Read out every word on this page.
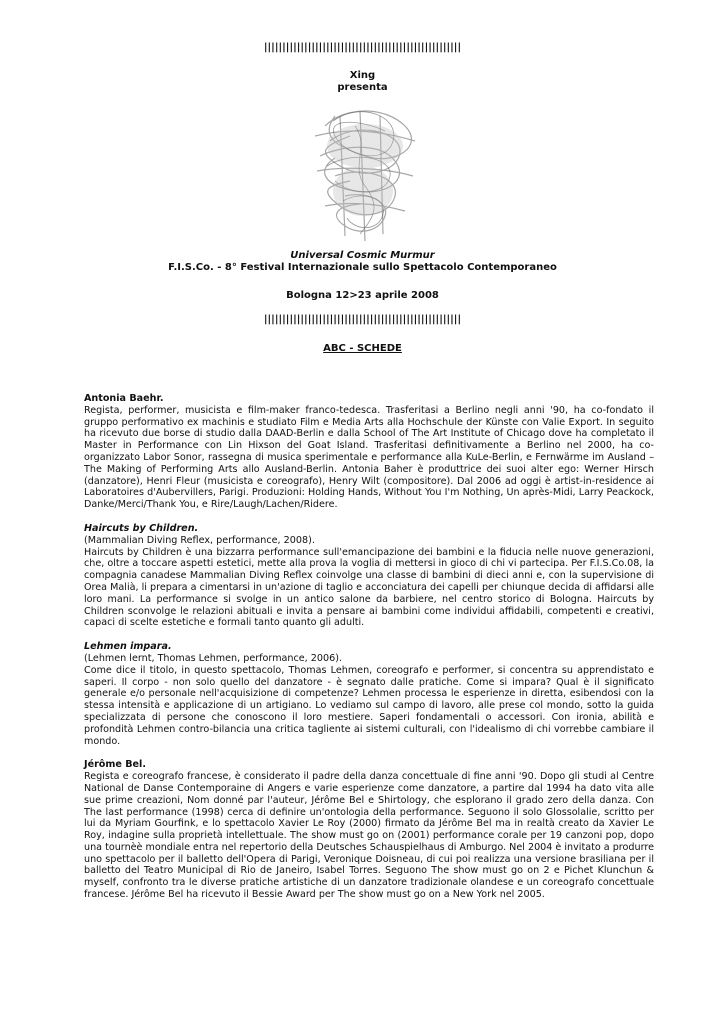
||||||||||||||||||||||||||||||||||||||||||||||||||||||
Xing
presenta
Universal Cosmic Murmur
F.I.S.Co. - 8° Festival Internazionale sullo Spettacolo Contemporaneo
Bologna 12>23 aprile 2008
||||||||||||||||||||||||||||||||||||||||||||||||||||||
ABC - SCHEDE

Antonia Baehr.

Regista, performer, musicista e film-maker franco-tedesca. Trasferitasi a Berlino negli anni '90, ha co-fondato il gruppo performativo ex machinis e studiato Film e Media Arts alla Hochschule der Künste con Valie Export. In seguito ha ricevuto due borse di studio dalla DAAD-Berlin e dalla School of The Art Institute of Chicago dove ha completato il Master in Performance con Lin Hixson del Goat Island. Trasferitasi definitivamente a Berlino nel 2000, ha co-organizzato Labor Sonor, rassegna di musica sperimentale e performance alla KuLe-Berlin, e Fernwärme im Ausland – The Making of Performing Arts allo Ausland-Berlin. Antonia Baher è produttrice dei suoi alter ego: Werner Hirsch (danzatore), Henri Fleur (musicista e coreografo), Henry Wilt (compositore). Dal 2006 ad oggi è artist-in-residence ai Laboratoires d'Aubervillers, Parigi. Produzioni: Holding Hands, Without You I'm Nothing, Un après-Midi, Larry Peackock, Danke/Merci/Thank You, e Rire/Laugh/Lachen/Ridere.

Haircuts by Children.

(Mammalian Diving Reflex, performance, 2008).

Haircuts by Children è una bizzarra performance sull'emancipazione dei bambini e la fiducia nelle nuove generazioni, che, oltre a toccare aspetti estetici, mette alla prova la voglia di mettersi in gioco di chi vi partecipa. Per F.I.S.Co.08, la compagnia canadese Mammalian Diving Reflex coinvolge una classe di bambini di dieci anni e, con la supervisione di Orea Malià, li prepara a cimentarsi in un'azione di taglio e acconciatura dei capelli per chiunque decida di affidarsi alle loro mani. La performance si svolge in un antico salone da barbiere, nel centro storico di Bologna. Haircuts by Children sconvolge le relazioni abituali e invita a pensare ai bambini come individui affidabili, competenti e creativi, capaci di scelte estetiche e formali tanto quanto gli adulti.

Lehmen impara.

(Lehmen lernt, Thomas Lehmen, performance, 2006).

Come dice il titolo, in questo spettacolo, Thomas Lehmen, coreografo e performer, si concentra su apprendistato e saperi. Il corpo - non solo quello del danzatore - è segnato dalle pratiche. Come si impara? Qual è il significato generale e/o personale nell'acquisizione di competenze? Lehmen processa le esperienze in diretta, esibendosi con la stessa intensità e applicazione di un artigiano. Lo vediamo sul campo di lavoro, alle prese col mondo, sotto la guida specializzata di persone che conoscono il loro mestiere. Saperi fondamentali o accessori. Con ironia, abilità e profondità Lehmen contro-bilancia una critica tagliente ai sistemi culturali, con l'idealismo di chi vorrebbe cambiare il mondo.

Jérôme Bel.

Regista e coreografo francese, è considerato il padre della danza concettuale di fine anni '90. Dopo gli studi al Centre National de Danse Contemporaine di Angers e varie esperienze come danzatore, a partire dal 1994 ha dato vita alle sue prime creazioni, Nom donné par l'auteur, Jérôme Bel e Shirtology, che esplorano il grado zero della danza. Con The last performance (1998) cerca di definire un'ontologia della performance. Seguono il solo Glossolalie, scritto per lui da Myriam Gourfink, e lo spettacolo Xavier Le Roy (2000) firmato da Jérôme Bel ma in realtà creato da Xavier Le Roy, indagine sulla proprietà intellettuale. The show must go on (2001) performance corale per 19 canzoni pop, dopo una tournèè mondiale entra nel repertorio della Deutsches Schauspielhaus di Amburgo. Nel 2004 è invitato a produrre uno spettacolo per il balletto dell'Opera di Parigi, Veronique Doisneau, di cui poi realizza una versione brasiliana per il balletto del Teatro Municipal di Rio de Janeiro, Isabel Torres. Seguono The show must go on 2 e Pichet Klunchun & myself, confronto tra le diverse pratiche artistiche di un danzatore tradizionale olandese e un coreografo concettuale francese. Jérôme Bel ha ricevuto il Bessie Award per The show must go on a New York nel 2005.
